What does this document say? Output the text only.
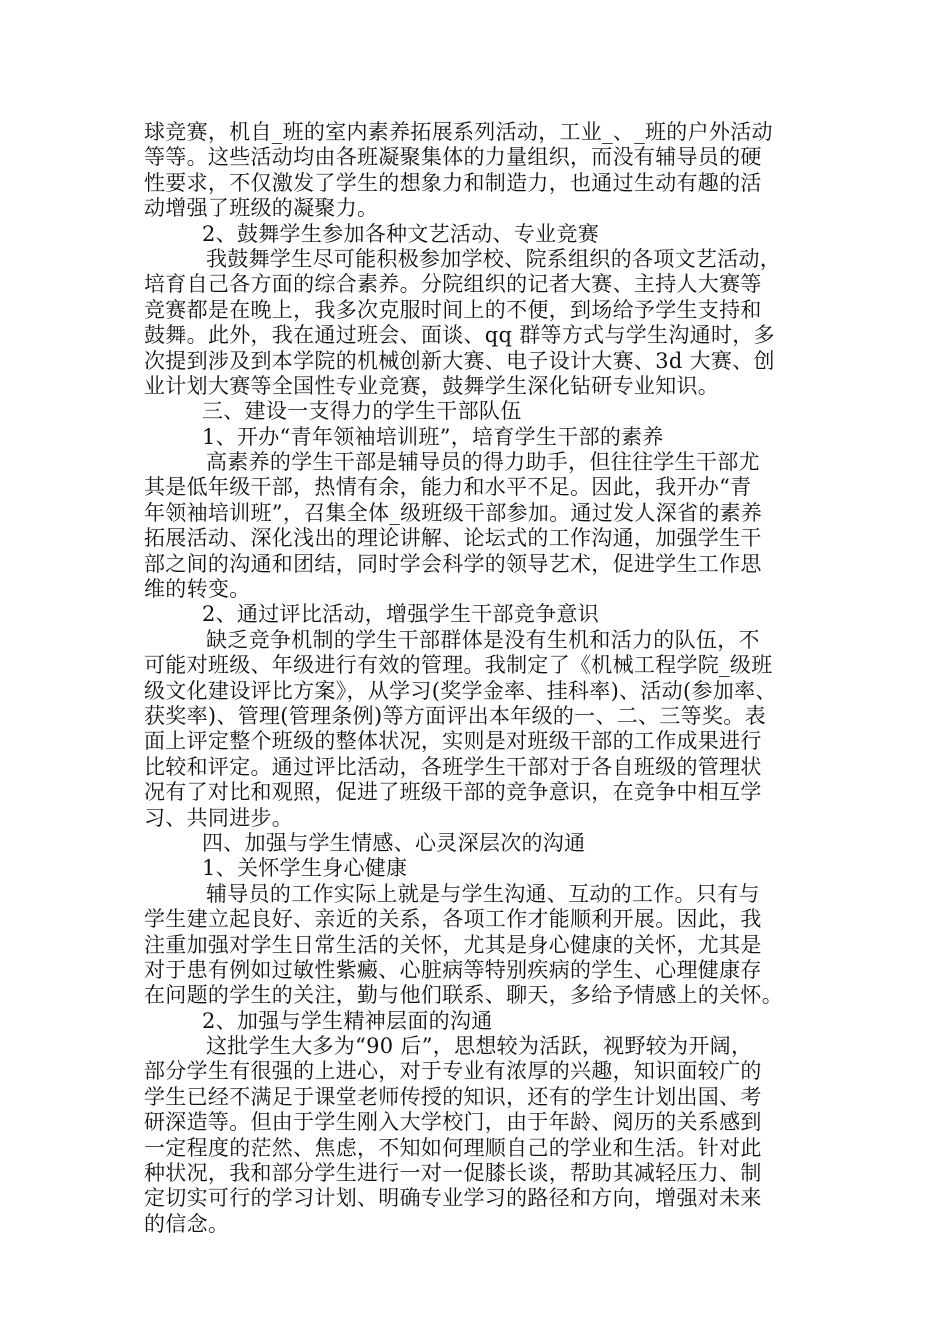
球竞赛，机自_班的室内素养拓展系列活动，工业_、_班的户外活动
等等。这些活动均由各班凝聚集体的力量组织，而没有辅导员的硬
性要求，不仅激发了学生的想象力和制造力，也通过生动有趣的活
动增强了班级的凝聚力。
2、鼓舞学生参加各种文艺活动、专业竞赛
我鼓舞学生尽可能积极参加学校、院系组织的各项文艺活动，
培育自己各方面的综合素养。分院组织的记者大赛、主持人大赛等
竞赛都是在晚上，我多次克服时间上的不便，到场给予学生支持和
鼓舞。此外，我在通过班会、面谈、qq 群等方式与学生沟通时，多
次提到涉及到本学院的机械创新大赛、电子设计大赛、3d 大赛、创
业计划大赛等全国性专业竞赛，鼓舞学生深化钻研专业知识。
三、建设一支得力的学生干部队伍
1、开办“青年领袖培训班”，培育学生干部的素养
高素养的学生干部是辅导员的得力助手，但往往学生干部尤
其是低年级干部，热情有余，能力和水平不足。因此，我开办“青
年领袖培训班”，召集全体_级班级干部参加。通过发人深省的素养
拓展活动、深化浅出的理论讲解、论坛式的工作沟通，加强学生干
部之间的沟通和团结，同时学会科学的领导艺术，促进学生工作思
维的转变。
2、通过评比活动，增强学生干部竞争意识
缺乏竞争机制的学生干部群体是没有生机和活力的队伍，不
可能对班级、年级进行有效的管理。我制定了《机械工程学院_级班
级文化建设评比方案》，从学习(奖学金率、挂科率)、活动(参加率、
获奖率)、管理(管理条例)等方面评出本年级的一、二、三等奖。表
面上评定整个班级的整体状况，实则是对班级干部的工作成果进行
比较和评定。通过评比活动，各班学生干部对于各自班级的管理状
况有了对比和观照，促进了班级干部的竞争意识，在竞争中相互学
习、共同进步。
四、加强与学生情感、心灵深层次的沟通
1、关怀学生身心健康
辅导员的工作实际上就是与学生沟通、互动的工作。只有与
学生建立起良好、亲近的关系，各项工作才能顺利开展。因此，我
注重加强对学生日常生活的关怀，尤其是身心健康的关怀，尤其是
对于患有例如过敏性紫癜、心脏病等特别疾病的学生、心理健康存
在问题的学生的关注，勤与他们联系、聊天，多给予情感上的关怀。
2、加强与学生精神层面的沟通
这批学生大多为“90 后”，思想较为活跃，视野较为开阔，
部分学生有很强的上进心，对于专业有浓厚的兴趣，知识面较广的
学生已经不满足于课堂老师传授的知识，还有的学生计划出国、考
研深造等。但由于学生刚入大学校门，由于年龄、阅历的关系感到
一定程度的茫然、焦虑，不知如何理顺自己的学业和生活。针对此
种状况，我和部分学生进行一对一促膝长谈，帮助其减轻压力、制
定切实可行的学习计划、明确专业学习的路径和方向，增强对未来
的信念。
